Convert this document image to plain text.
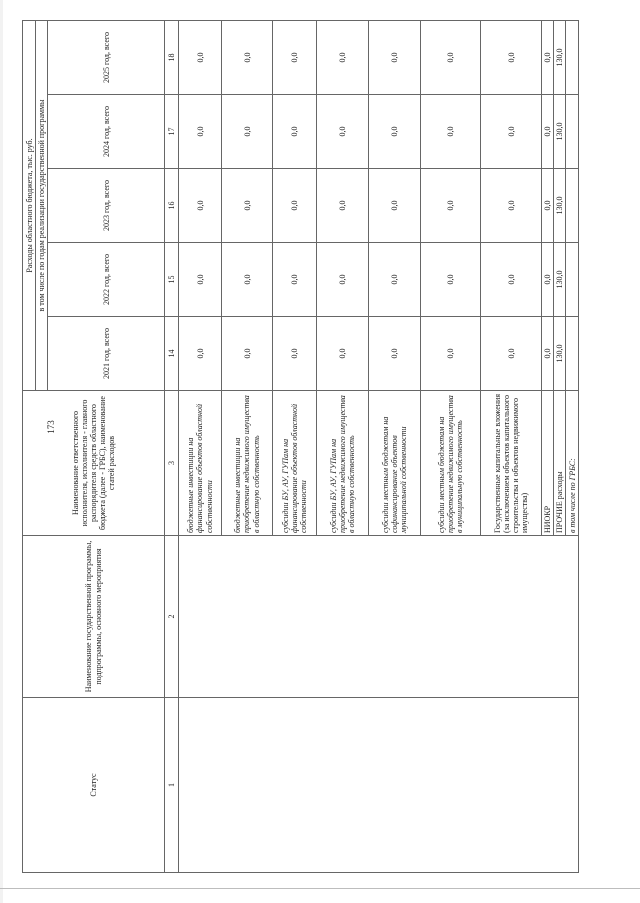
173
Статус	Наименование государственной программы, подпрограммы, основного мероприятия	Наименование ответственного исполнителя, исполнителя - главного распорядителя средств областного бюджета (далее - ГРБС), наименование статей расходов	Расходы областного бюджета, тыс. руб.				
			в том числе по годам реализации государственной программы				
			2021 год, всего	2022 год, всего	2023 год, всего	2024 год, всего	2025 год, всего
1	2	3	14	15	16	17	18
		бюджетные инвестиции на финансирование объектов областной собственности	0,0	0,0	0,0	0,0	0,0
		бюджетные инвестиции на приобретение недвижимого имущества в областную собственность	0,0	0,0	0,0	0,0	0,0
		субсидии БУ, АУ, ГУПам на финансирование объектов областной собственности	0,0	0,0	0,0	0,0	0,0
		субсидии БУ, АУ, ГУПам на приобретение недвижимого имущества в областную собственность	0,0	0,0	0,0	0,0	0,0
		субсидии местным бюджетам на софинансирование объектов муниципальной собственности	0,0	0,0	0,0	0,0	0,0
		субсидии местным бюджетам на приобретение недвижимого имущества в муниципальную собственность	0,0	0,0	0,0	0,0	0,0
		Государственные капитальные вложения (за исключением объектов капитального строительства и объектов недвижимого имущества)	0,0	0,0	0,0	0,0	0,0
		НИОКР	0,0	0,0	0,0	0,0	0,0
		ПРОЧИЕ расходы	130,0	130,0	130,0	130,0	130,0
		в том числе по ГРБС:					
